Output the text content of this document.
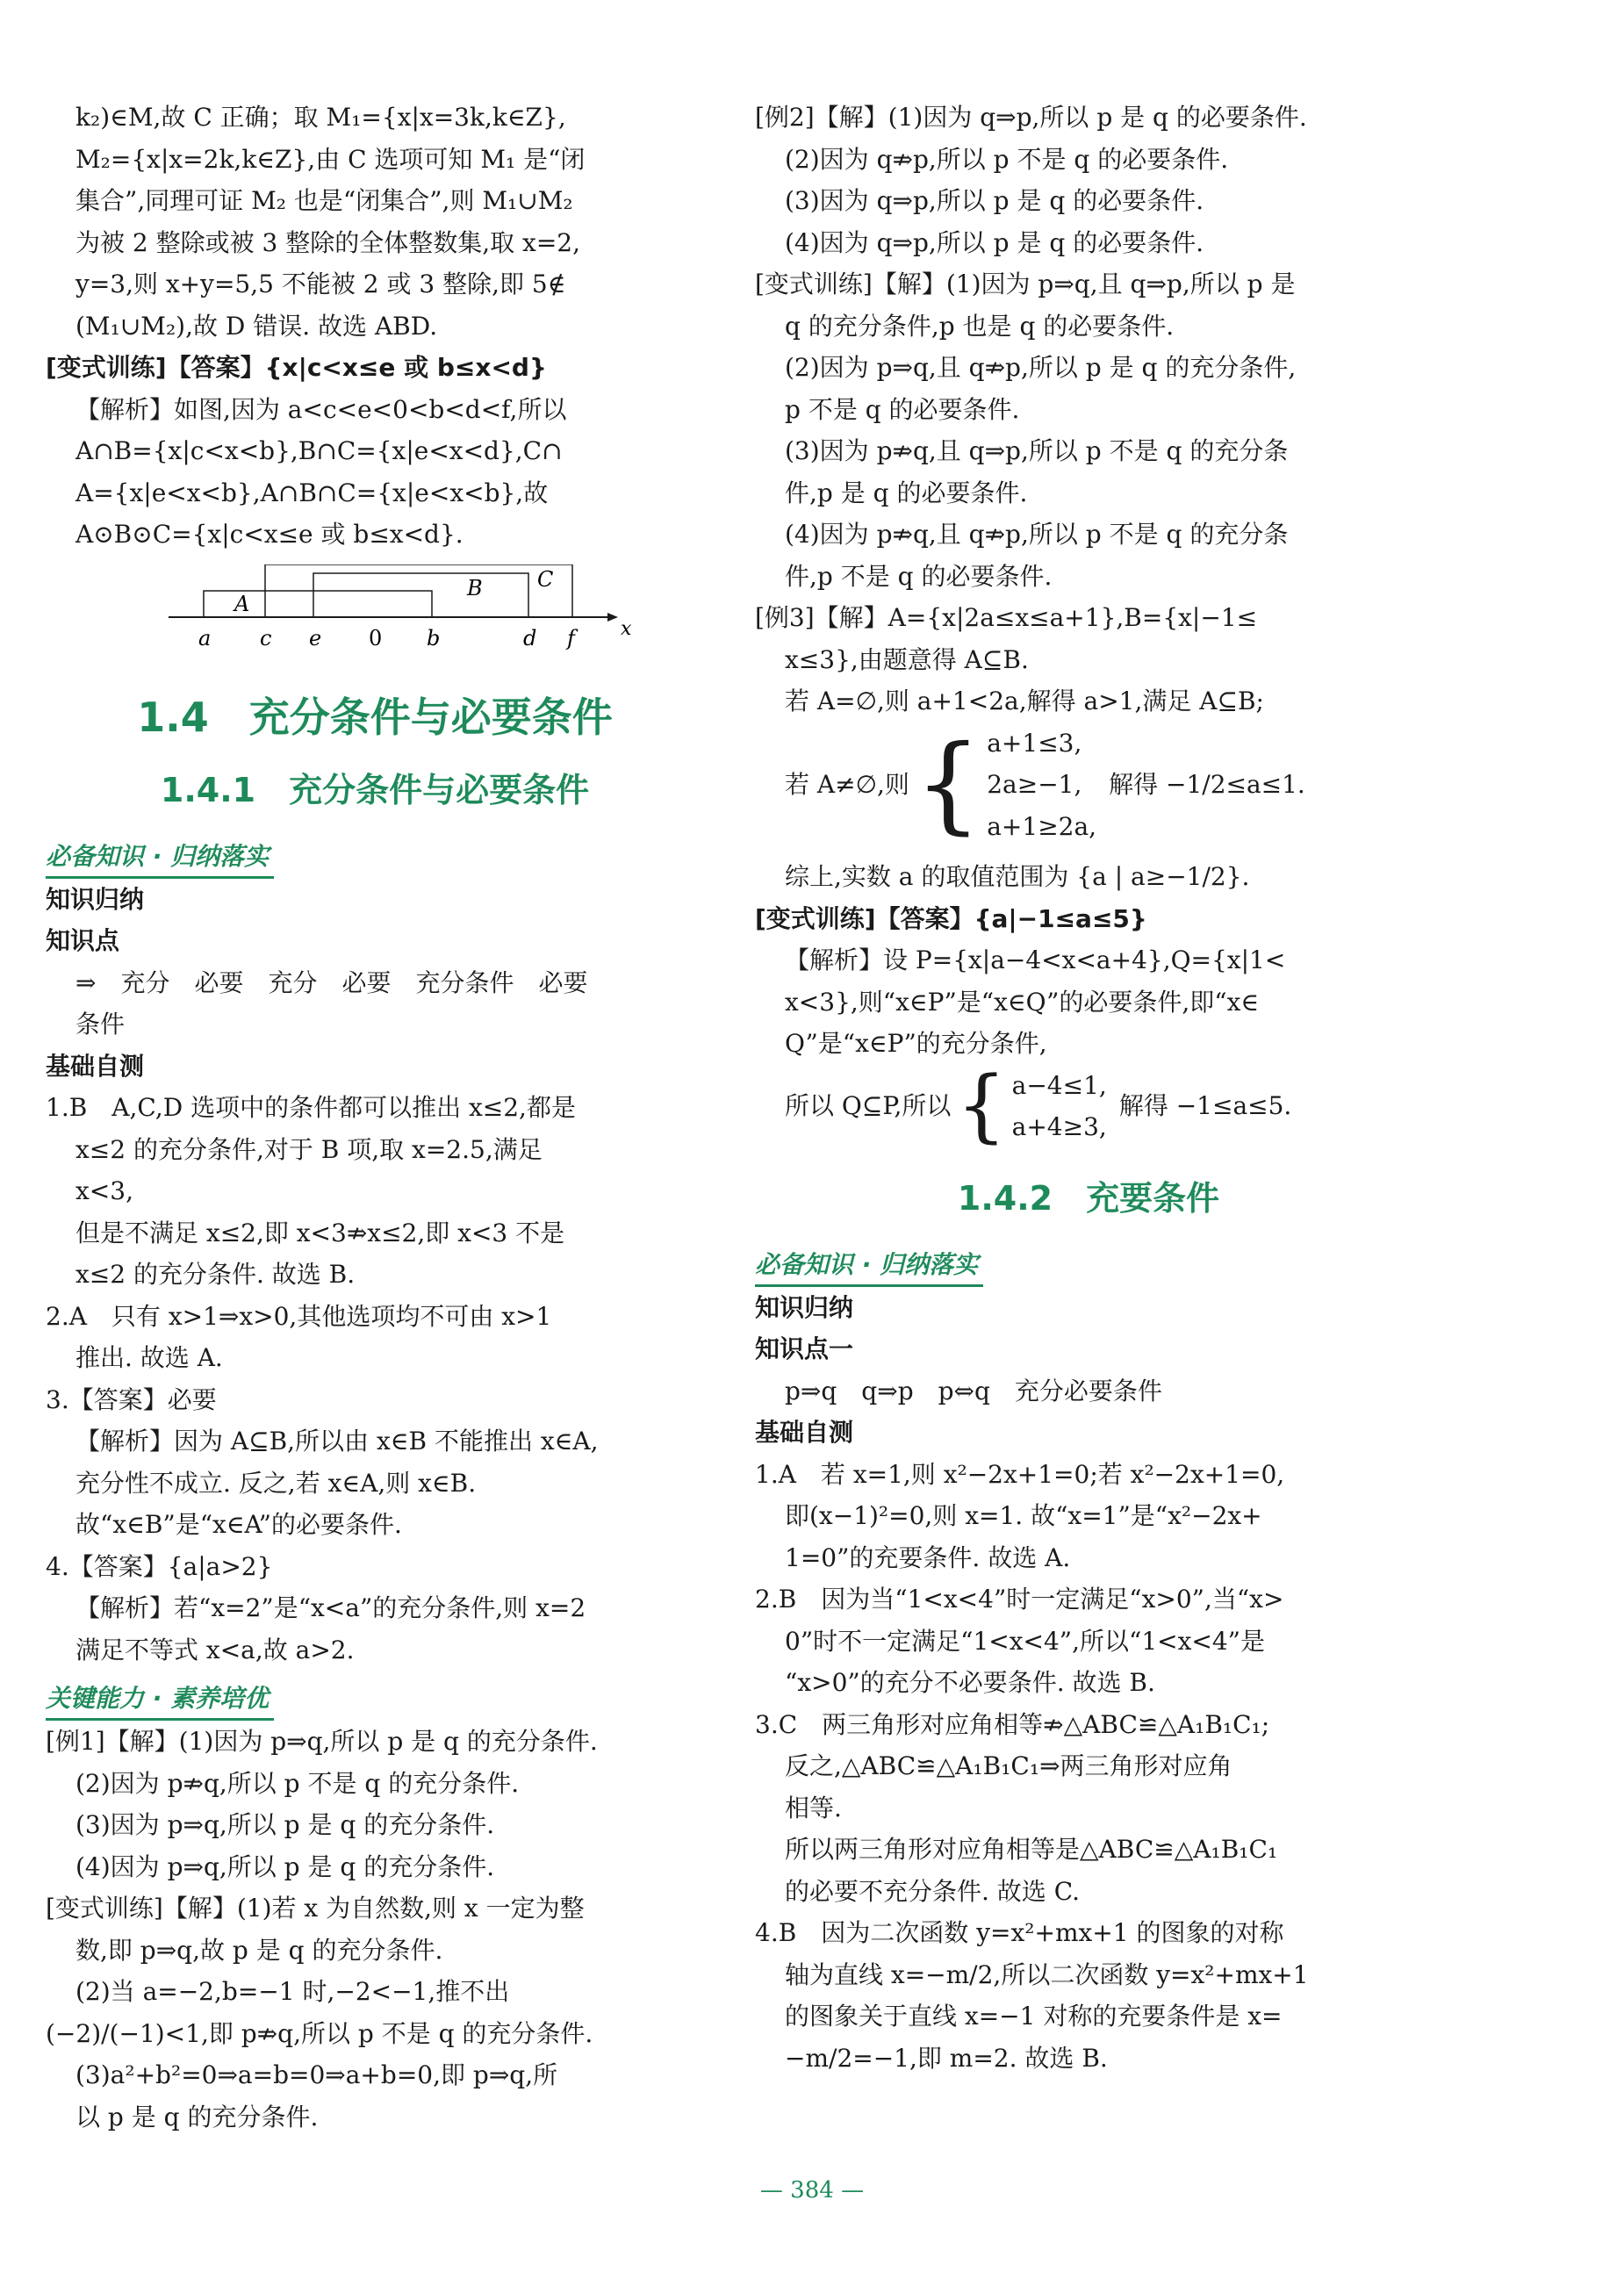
k₂)∈M,故 C 正确；取 M₁={x|x=3k,k∈Z},

M₂={x|x=2k,k∈Z},由 C 选项可知 M₁ 是“闭

集合”,同理可证 M₂ 也是“闭集合”,则 M₁∪M₂

为被 2 整除或被 3 整除的全体整数集,取 x=2,

y=3,则 x+y=5,5 不能被 2 或 3 整除,即 5∉

(M₁∪M₂),故 D 错误. 故选 ABD.

[变式训练]【答案】{x|c<x≤e 或 b≤x<d}

【解析】如图,因为 a<c<e<0<b<d<f,所以

A∩B={x|c<x<b},B∩C={x|e<x<d},C∩

A={x|e<x<b},A∩B∩C={x|e<x<b},故

A⊙B⊙C={x|c<x≤e 或 b≤x<d}.

A
B	C
a c e 0 b	d f x
1.4　充分条件与必要条件
1.4.1　充分条件与必要条件
必备知识 · 归纳落实

知识归纳

知识点

⇒　充分　必要　充分　必要　充分条件　必要

条件

基础自测

1.B　A,C,D 选项中的条件都可以推出 x≤2,都是

x≤2 的充分条件,对于 B 项,取 x=2.5,满足

x<3,

但是不满足 x≤2,即 x<3⇏x≤2,即 x<3 不是

x≤2 的充分条件. 故选 B.

2.A　只有 x>1⇒x>0,其他选项均不可由 x>1

推出. 故选 A.

3.【答案】必要

【解析】因为 A⊆B,所以由 x∈B 不能推出 x∈A,

充分性不成立. 反之,若 x∈A,则 x∈B.

故“x∈B”是“x∈A”的必要条件.

4.【答案】{a|a>2}

【解析】若“x=2”是“x<a”的充分条件,则 x=2

满足不等式 x<a,故 a>2.

关键能力 · 素养培优

[例1]【解】(1)因为 p⇒q,所以 p 是 q 的充分条件.

(2)因为 p⇏q,所以 p 不是 q 的充分条件.

(3)因为 p⇒q,所以 p 是 q 的充分条件.

(4)因为 p⇒q,所以 p 是 q 的充分条件.

[变式训练]【解】(1)若 x 为自然数,则 x 一定为整

数,即 p⇒q,故 p 是 q 的充分条件.

(2)当 a=−2,b=−1 时,−2<−1,推不出

(−2)/(−1)<1,即 p⇏q,所以 p 不是 q 的充分条件.

(3)a²+b²=0⇒a=b=0⇒a+b=0,即 p⇒q,所

以 p 是 q 的充分条件.

[例2]【解】(1)因为 q⇒p,所以 p 是 q 的必要条件.

(2)因为 q⇏p,所以 p 不是 q 的必要条件.

(3)因为 q⇒p,所以 p 是 q 的必要条件.

(4)因为 q⇒p,所以 p 是 q 的必要条件.

[变式训练]【解】(1)因为 p⇒q,且 q⇒p,所以 p 是

q 的充分条件,p 也是 q 的必要条件.

(2)因为 p⇒q,且 q⇏p,所以 p 是 q 的充分条件,

p 不是 q 的必要条件.

(3)因为 p⇏q,且 q⇒p,所以 p 不是 q 的充分条

件,p 是 q 的必要条件.

(4)因为 p⇏q,且 q⇏p,所以 p 不是 q 的充分条

件,p 不是 q 的必要条件.

[例3]【解】A={x|2a≤x≤a+1},B={x|−1≤

x≤3},由题意得 A⊆B.

若 A=∅,则 a+1<2a,解得 a>1,满足 A⊆B;

若 A≠∅,则 { a+1≤3,
2a≥−1,
a+1≥2a,
解得 −1/2≤a≤1.

综上,实数 a 的取值范围为 {a | a≥−1/2}.

[变式训练]【答案】{a|−1≤a≤5}

【解析】设 P={x|a−4<x<a+4},Q={x|1<

x<3},则“x∈P”是“x∈Q”的必要条件,即“x∈

Q”是“x∈P”的充分条件,

所以 Q⊆P,所以 { a−4≤1,
a+4≥3,
解得 −1≤a≤5.
1.4.2　充要条件
必备知识 · 归纳落实

知识归纳

知识点一

p⇒q　q⇒p　p⇔q　充分必要条件

基础自测

1.A　若 x=1,则 x²−2x+1=0;若 x²−2x+1=0,

即(x−1)²=0,则 x=1. 故“x=1”是“x²−2x+

1=0”的充要条件. 故选 A.

2.B　因为当“1<x<4”时一定满足“x>0”,当“x>

0”时不一定满足“1<x<4”,所以“1<x<4”是

“x>0”的充分不必要条件. 故选 B.

3.C　两三角形对应角相等⇏△ABC≌△A₁B₁C₁;

反之,△ABC≌△A₁B₁C₁⇒两三角形对应角

相等.

所以两三角形对应角相等是△ABC≌△A₁B₁C₁

的必要不充分条件. 故选 C.

4.B　因为二次函数 y=x²+mx+1 的图象的对称

轴为直线 x=−m/2,所以二次函数 y=x²+mx+1

的图象关于直线 x=−1 对称的充要条件是 x=

−m/2=−1,即 m=2. 故选 B.

— 384 —
